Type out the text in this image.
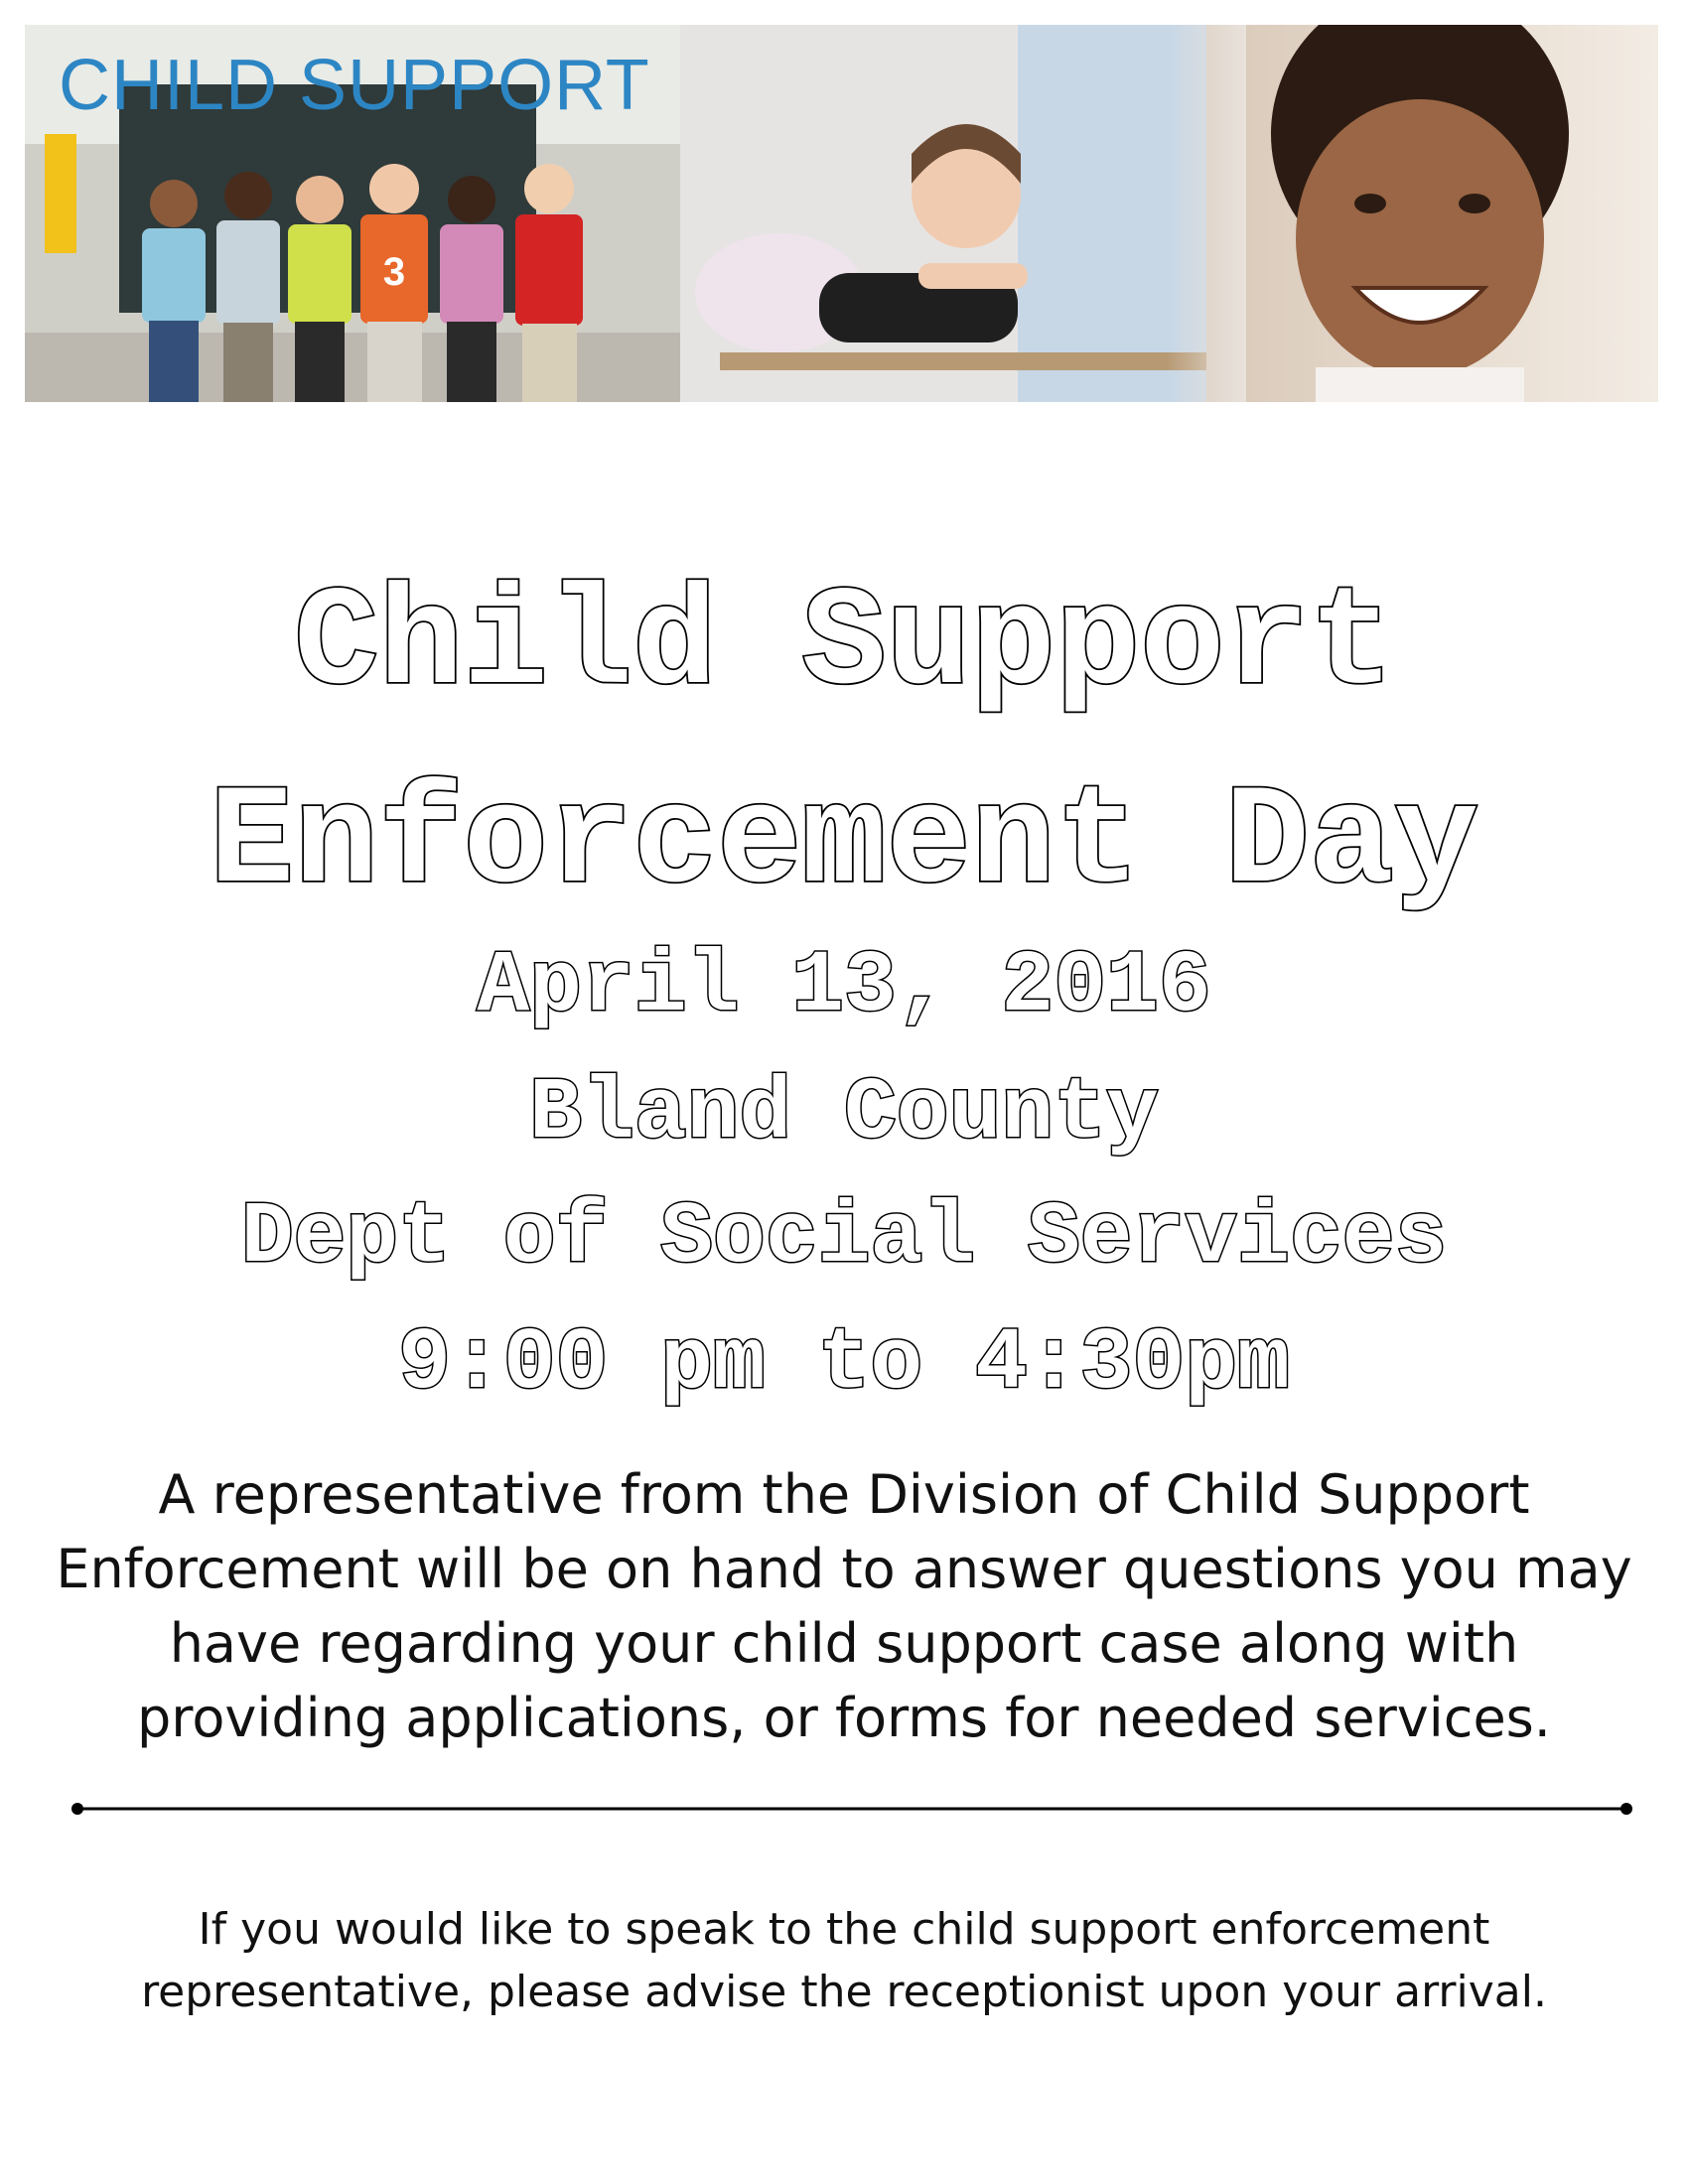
3
CHILD SUPPORT
Child Support
Enforcement Day
April 13, 2016
Bland County
Dept of Social Services
9:00 pm to 4:30pm
A representative from the Division of Child Support Enforcement will be on hand to answer questions you may have regarding your child support case along with providing applications, or forms for needed services.
If you would like to speak to the child support enforcement representative, please advise the receptionist upon your arrival.
